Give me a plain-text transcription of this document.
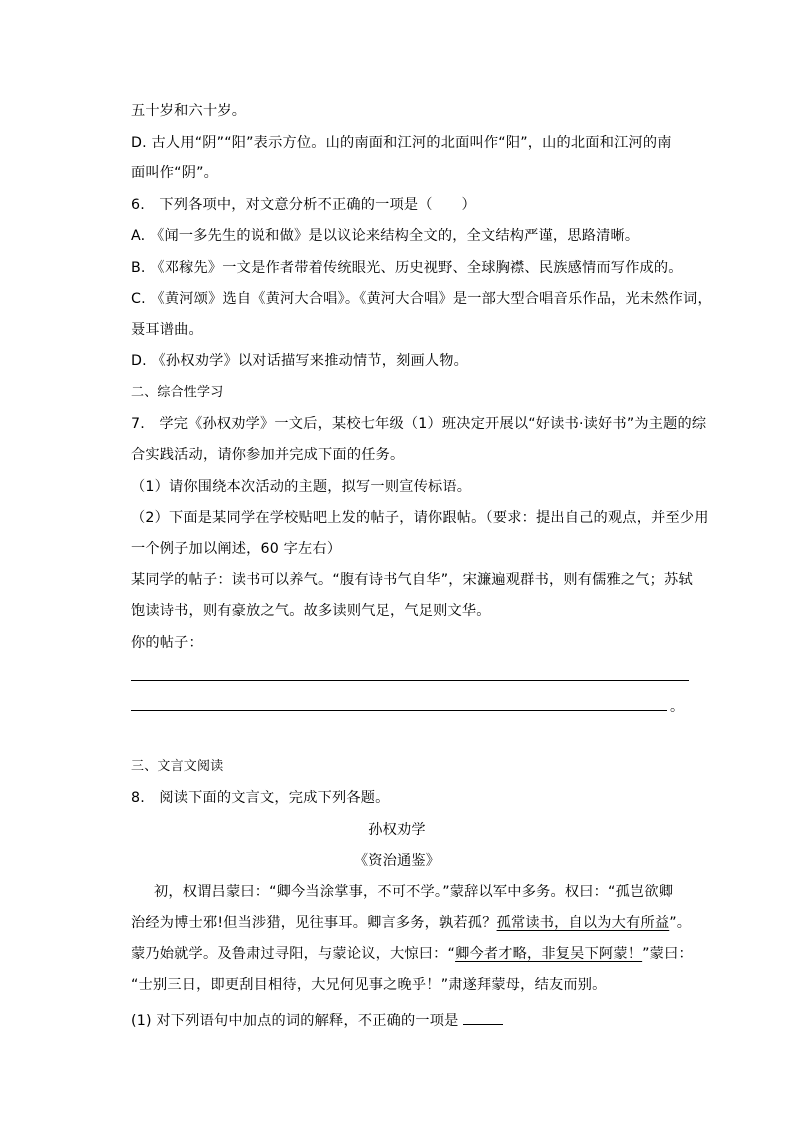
五十岁和六十岁。
D. 古人用“阴”“阳”表示方位。山的南面和江河的北面叫作“阳”，山的北面和江河的南
面叫作“阴”。
6.　下列各项中，对文意分析不正确的一项是（　　）
A. 《闻一多先生的说和做》是以议论来结构全文的，全文结构严谨，思路清晰。
B. 《邓稼先》一文是作者带着传统眼光、历史视野、全球胸襟、民族感情而写作成的。
C. 《黄河颂》选自《黄河大合唱》。《黄河大合唱》是一部大型合唱音乐作品，光未然作词，
聂耳谱曲。
D. 《孙权劝学》以对话描写来推动情节，刻画人物。
二、综合性学习
7.　学完《孙权劝学》一文后，某校七年级（1）班决定开展以“好读书·读好书”为主题的综
合实践活动，请你参加并完成下面的任务。
（1）请你围绕本次活动的主题，拟写一则宣传标语。
（2）下面是某同学在学校贴吧上发的帖子，请你跟帖。（要求：提出自己的观点，并至少用
一个例子加以阐述，60 字左右）
某同学的帖子：读书可以养气。“腹有诗书气自华”，宋濂遍观群书，则有儒雅之气；苏轼
饱读诗书，则有豪放之气。故多读则气足，气足则文华。
你的帖子：
。
三、文言文阅读
8.　阅读下面的文言文，完成下列各题。
孙权劝学
《资治通鉴》
初，权谓吕蒙曰：“卿今当涂掌事，不可不学。”蒙辞以军中多务。权曰：“孤岂欲卿
治经为博士邪!但当涉猎，见往事耳。卿言多务，孰若孤？孤常读书，自以为大有所益”。
蒙乃始就学。及鲁肃过寻阳，与蒙论议，大惊曰：“卿今者才略，非复吴下阿蒙！”蒙曰：
“士别三日，即更刮目相待，大兄何见事之晚乎！”肃遂拜蒙母，结友而别。
(1) 对下列语句中加点的词的解释，不正确的一项是
